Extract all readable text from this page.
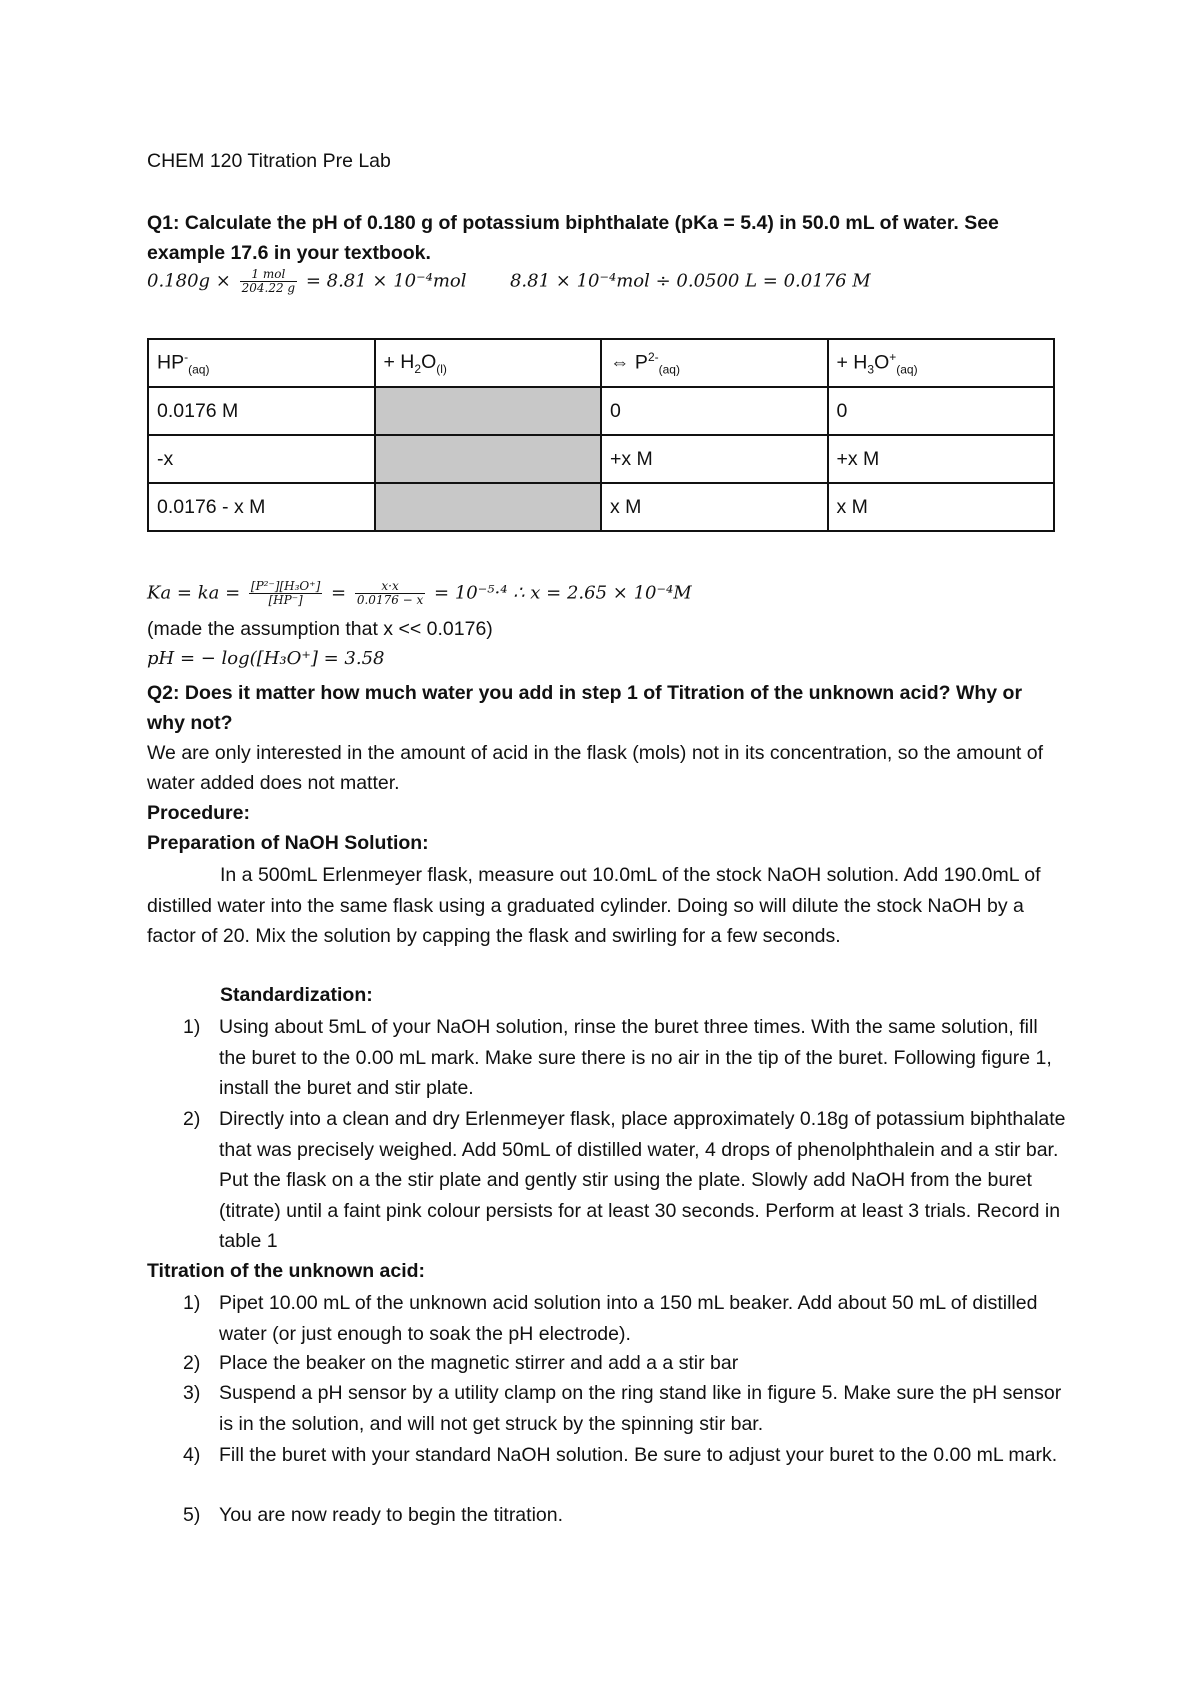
CHEM 120 Titration Pre Lab
Q1: Calculate the pH of 0.180 g of potassium biphthalate (pKa = 5.4) in 50.0 mL of water. See example 17.6 in your textbook.
$0.180g \times \frac{\text{1 mol}}{204.22 g} = 8.81 \times 10^{-4}mol$ 8.81 × 10⁻⁴mol ÷ 0.0500 L = 0.0176 M
$HP^-_{(aq)}$	+ $H_2O_{(l)}$	⇔ $P^{2-}_{(aq)}$	+ $H_3O^+_{(aq)}$
0.0176 M		0	0
-x		+x M	+x M
0.0176 - x M		x M	x M
Ka = ka = $\frac{\text{[P²⁻][H₃O⁺]}}{[HP^-]} = \frac{x\cdot x}{0.0176 - x} = 10^{-5}\cdot^4$ ∴ x = 2.65 × 10⁻⁴M
(made the assumption that x << 0.0176)
pH = − log([H₃O⁺] = 3.58
Q2: Does it matter how much water you add in step 1 of Titration of the unknown acid? Why or why not?
We are only interested in the amount of acid in the flask (mols) not in its concentration, so the amount of water added does not matter.
Procedure:
Preparation of NaOH Solution:
In a 500mL Erlenmeyer flask, measure out 10.0mL of the stock NaOH solution. Add 190.0mL of distilled water into the same flask using a graduated cylinder. Doing so will dilute the stock NaOH by a factor of 20. Mix the solution by capping the flask and swirling for a few seconds.
Standardization:
1) Using about 5mL of your NaOH solution, rinse the buret three times. With the same solution, fill the buret to the 0.00 mL mark. Make sure there is no air in the tip of the buret. Following figure 1, install the buret and stir plate.
2) Directly into a clean and dry Erlenmeyer flask, place approximately 0.18g of potassium biphthalate that was precisely weighed. Add 50mL of distilled water, 4 drops of phenolphthalein and a stir bar. Put the flask on a the stir plate and gently stir using the plate. Slowly add NaOH from the buret (titrate) until a faint pink colour persists for at least 30 seconds. Perform at least 3 trials. Record in table 1
Titration of the unknown acid:
1) Pipet 10.00 mL of the unknown acid solution into a 150 mL beaker. Add about 50 mL of distilled water (or just enough to soak the pH electrode).
2) Place the beaker on the magnetic stirrer and add a a stir bar
3) Suspend a pH sensor by a utility clamp on the ring stand like in figure 5. Make sure the pH sensor is in the solution, and will not get struck by the spinning stir bar.
4) Fill the buret with your standard NaOH solution. Be sure to adjust your buret to the 0.00 mL mark.
5) You are now ready to begin the titration.
